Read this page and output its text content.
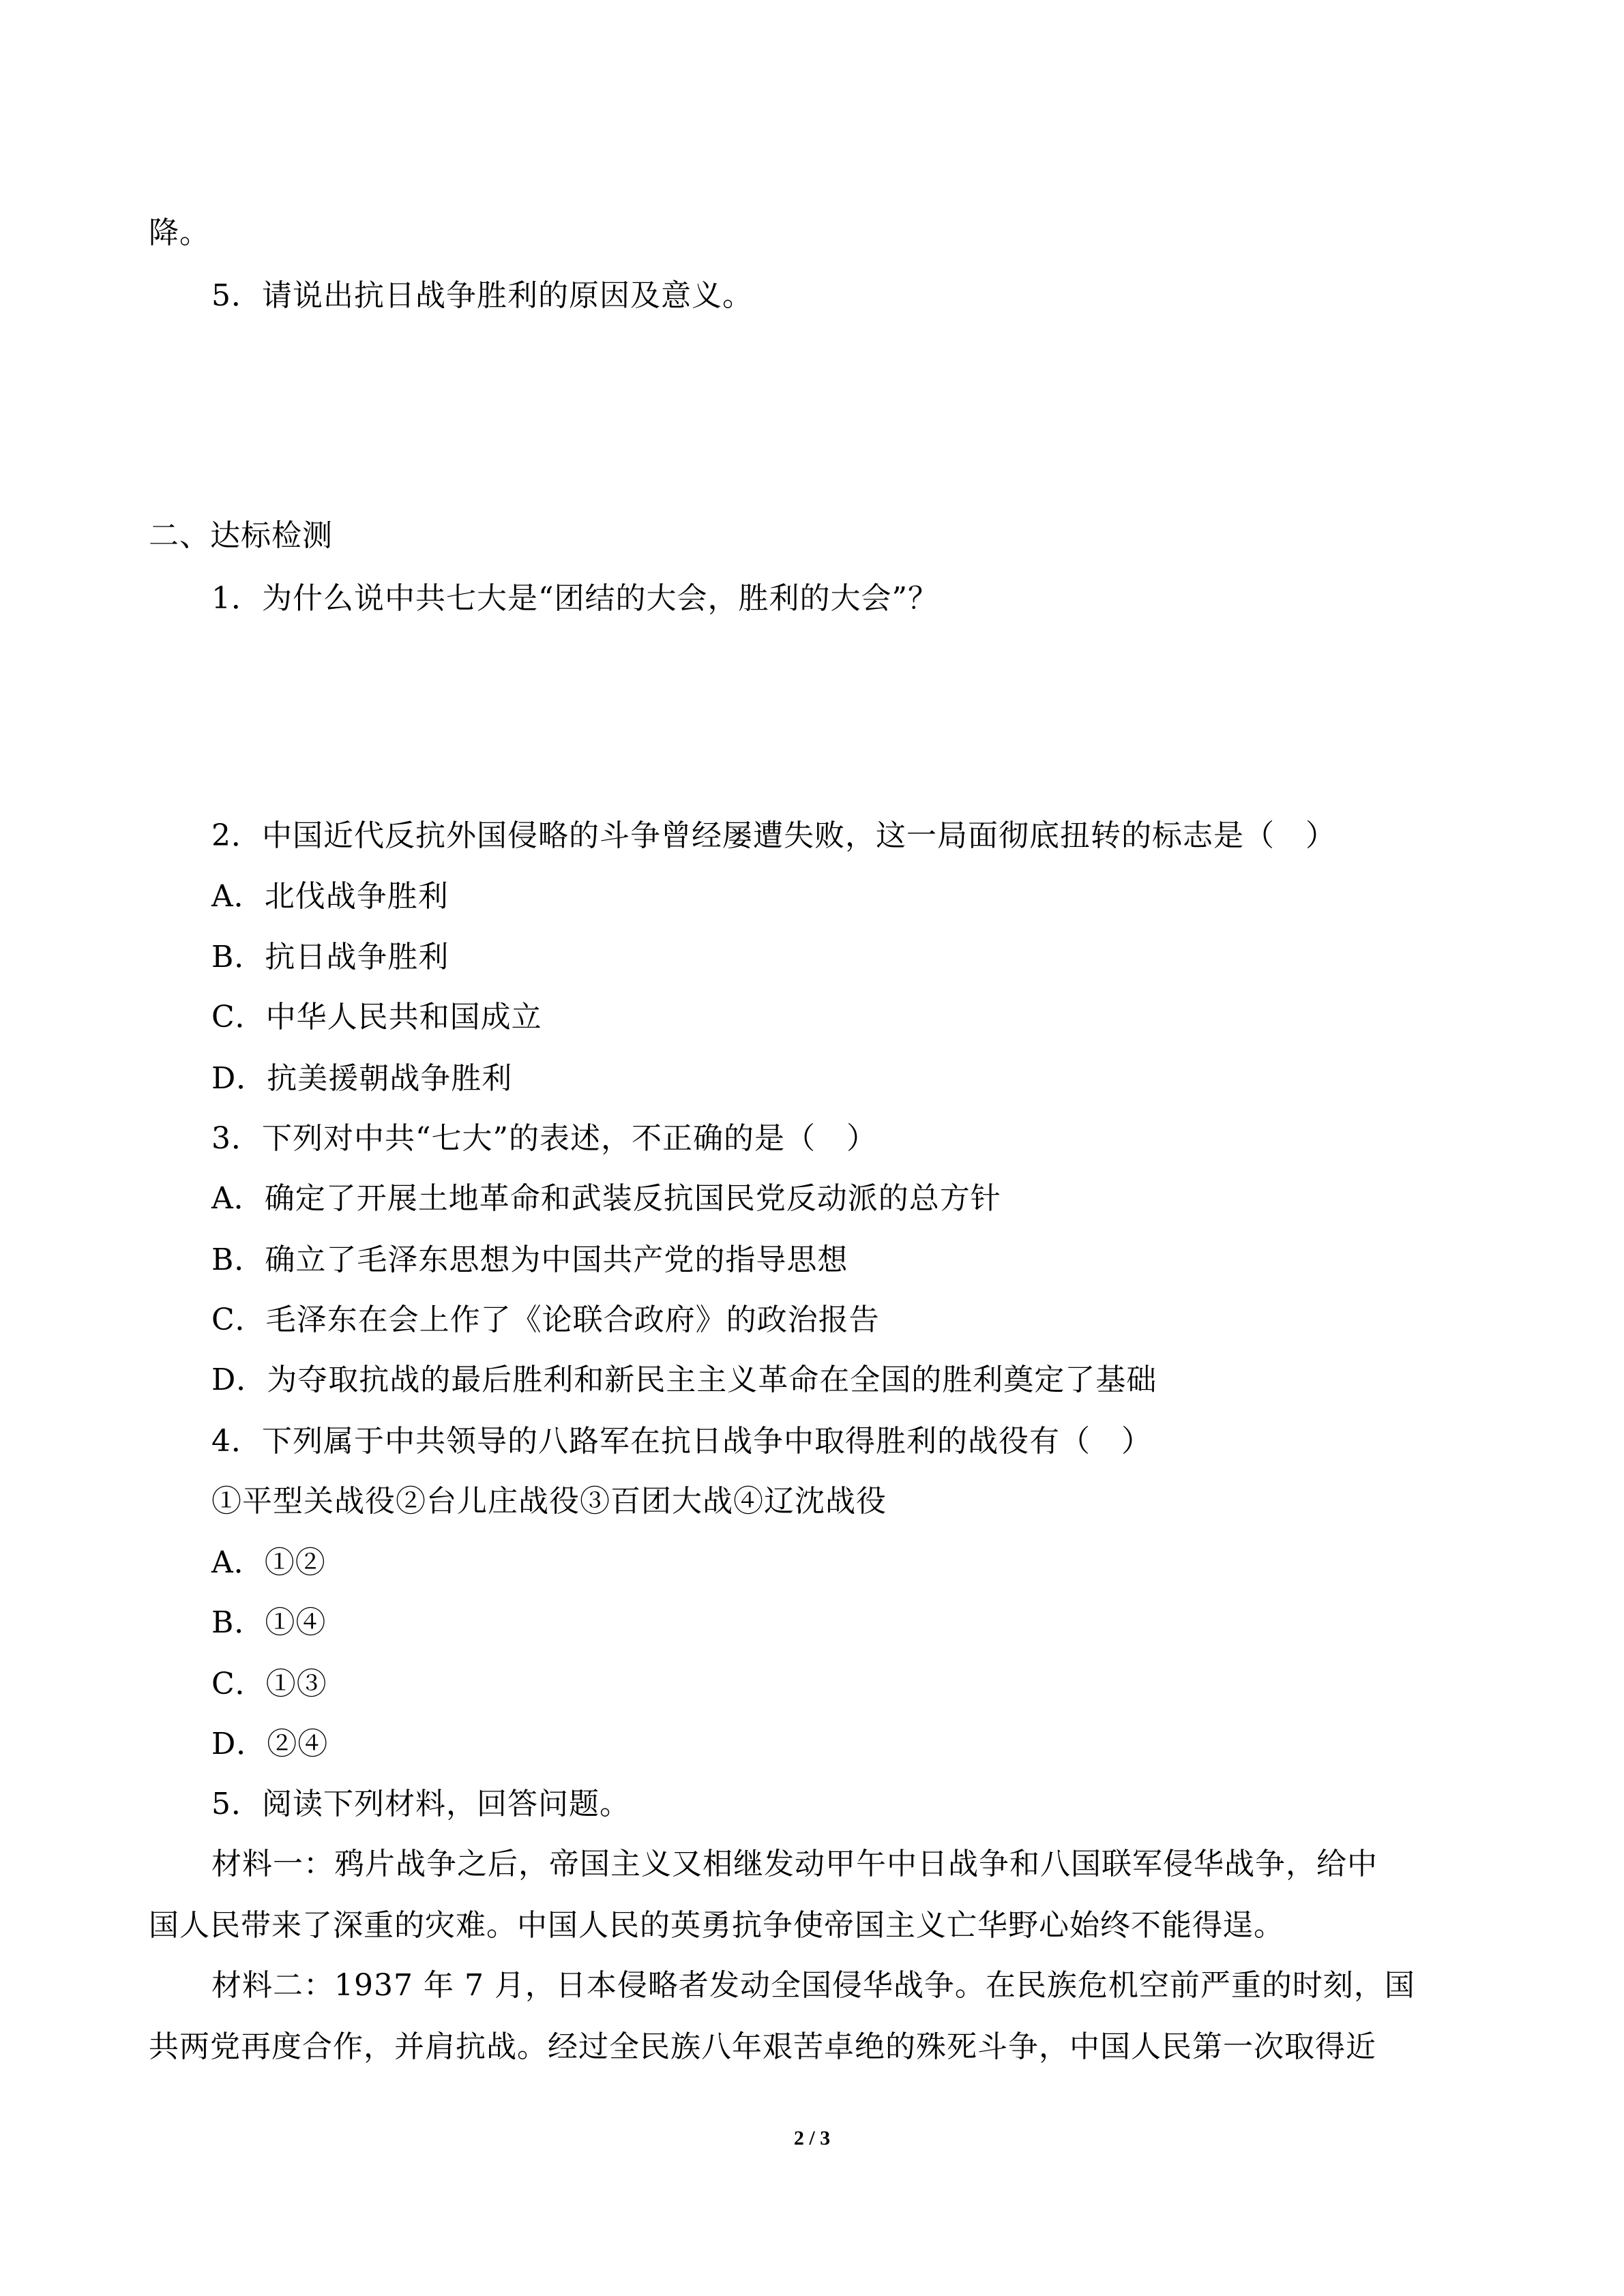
降。
5．请说出抗日战争胜利的原因及意义。
二、达标检测
1．为什么说中共七大是“团结的大会，胜利的大会”？
2．中国近代反抗外国侵略的斗争曾经屡遭失败，这一局面彻底扭转的标志是（　）
A．北伐战争胜利
B．抗日战争胜利
C．中华人民共和国成立
D．抗美援朝战争胜利
3．下列对中共“七大”的表述，不正确的是（　）
A．确定了开展土地革命和武装反抗国民党反动派的总方针
B．确立了毛泽东思想为中国共产党的指导思想
C．毛泽东在会上作了《论联合政府》的政治报告
D．为夺取抗战的最后胜利和新民主主义革命在全国的胜利奠定了基础
4．下列属于中共领导的八路军在抗日战争中取得胜利的战役有（　）
①平型关战役②台儿庄战役③百团大战④辽沈战役
A．①②
B．①④
C．①③
D．②④
5．阅读下列材料，回答问题。
材料一：鸦片战争之后，帝国主义又相继发动甲午中日战争和八国联军侵华战争，给中
国人民带来了深重的灾难。中国人民的英勇抗争使帝国主义亡华野心始终不能得逞。
材料二：1937 年 7 月，日本侵略者发动全国侵华战争。在民族危机空前严重的时刻，国
共两党再度合作，并肩抗战。经过全民族八年艰苦卓绝的殊死斗争，中国人民第一次取得近
2 / 3
